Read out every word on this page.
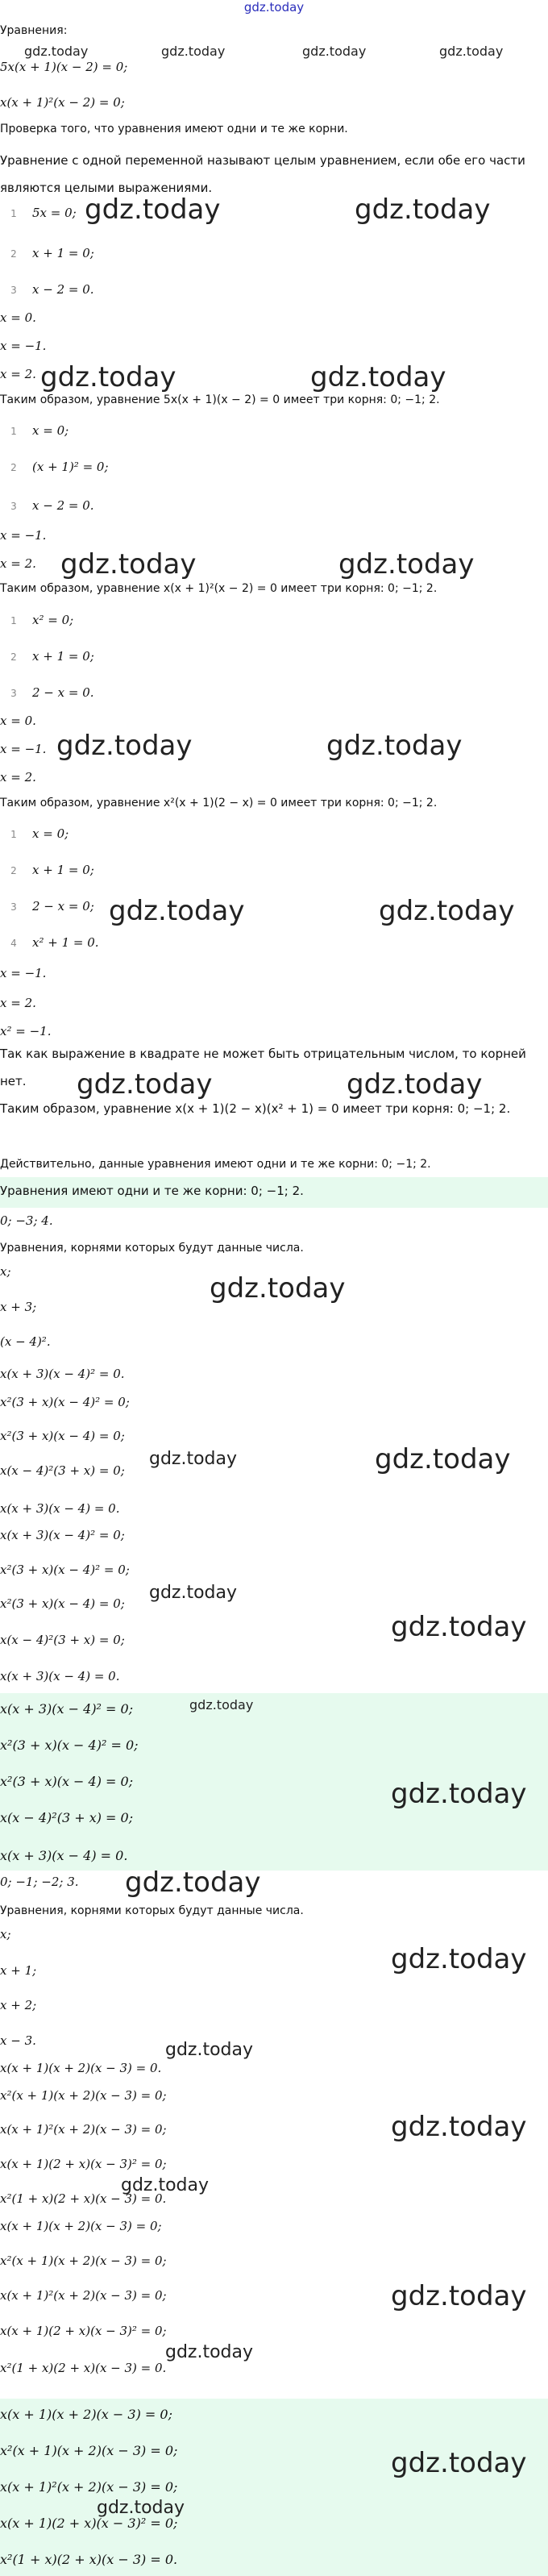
gdz.today
Уравнения:
gdz.today	gdz.today	gdz.today	gdz.today
5x(x + 1)(x − 2) = 0;
x(x + 1)²(x − 2) = 0;
Проверка того, что уравнения имеют одни и те же корни.
Уравнение с одной переменной называют целым уравнением, если обе его части являются целыми выражениями.
1 5x = 0; gdz.today	gdz.today
2 x + 1 = 0;
3 x − 2 = 0.
x = 0.
x = −1.
x = 2. gdz.today	gdz.today
Таким образом, уравнение 5x(x + 1)(x − 2) = 0 имеет три корня: 0; −1; 2.
1 x = 0;
2 (x + 1)² = 0;
3 x − 2 = 0.
x = −1.
x = 2. gdz.today	gdz.today
Таким образом, уравнение x(x + 1)²(x − 2) = 0 имеет три корня: 0; −1; 2.
1 x² = 0;
2 x + 1 = 0;
3 2 − x = 0.
x = 0.
x = −1. gdz.today	gdz.today
x = 2.
Таким образом, уравнение x²(x + 1)(2 − x) = 0 имеет три корня: 0; −1; 2.
1 x = 0;
2 x + 1 = 0;
3 2 − x = 0; gdz.today	gdz.today
4 x² + 1 = 0.
x = −1.
x = 2.
x² = −1.
Так как выражение в квадрате не может быть отрицательным числом, то корней нет.	gdz.today	gdz.today
Таким образом, уравнение x(x + 1)(2 − x)(x² + 1) = 0 имеет три корня: 0; −1; 2.
Действительно, данные уравнения имеют одни и те же корни: 0; −1; 2.
Уравнения имеют одни и те же корни: 0; −1; 2.
0; −3; 4.
Уравнения, корнями которых будут данные числа.
x;
gdz.today
x + 3;
(x − 4)².
x(x + 3)(x − 4)² = 0.
x²(3 + x)(x − 4)² = 0;
x²(3 + x)(x − 4) = 0;
gdz.today	gdz.today
x(x − 4)²(3 + x) = 0;
x(x + 3)(x − 4) = 0.
x(x + 3)(x − 4)² = 0;
x²(3 + x)(x − 4)² = 0;
gdz.today
x²(3 + x)(x − 4) = 0;
gdz.today
x(x − 4)²(3 + x) = 0;
x(x + 3)(x − 4) = 0.
x(x + 3)(x − 4)² = 0;	gdz.today
x²(3 + x)(x − 4)² = 0;
x²(3 + x)(x − 4) = 0;	gdz.today
x(x − 4)²(3 + x) = 0;
x(x + 3)(x − 4) = 0.
0; −1; −2; 3. gdz.today
Уравнения, корнями которых будут данные числа.
x;
gdz.today
x + 1;
x + 2;
x − 3.	gdz.today
x(x + 1)(x + 2)(x − 3) = 0.
x²(x + 1)(x + 2)(x − 3) = 0;
x(x + 1)²(x + 2)(x − 3) = 0;	gdz.today
x(x + 1)(2 + x)(x − 3)² = 0;
gdz.today
x²(1 + x)(2 + x)(x − 3) = 0.
x(x + 1)(x + 2)(x − 3) = 0;
x²(x + 1)(x + 2)(x − 3) = 0;
x(x + 1)²(x + 2)(x − 3) = 0;	gdz.today
x(x + 1)(2 + x)(x − 3)² = 0;
gdz.today
x²(1 + x)(2 + x)(x − 3) = 0.
x(x + 1)(x + 2)(x − 3) = 0;
x²(x + 1)(x + 2)(x − 3) = 0;	gdz.today
x(x + 1)²(x + 2)(x − 3) = 0;
gdz.today
x(x + 1)(2 + x)(x − 3)² = 0;
x²(1 + x)(2 + x)(x − 3) = 0.
